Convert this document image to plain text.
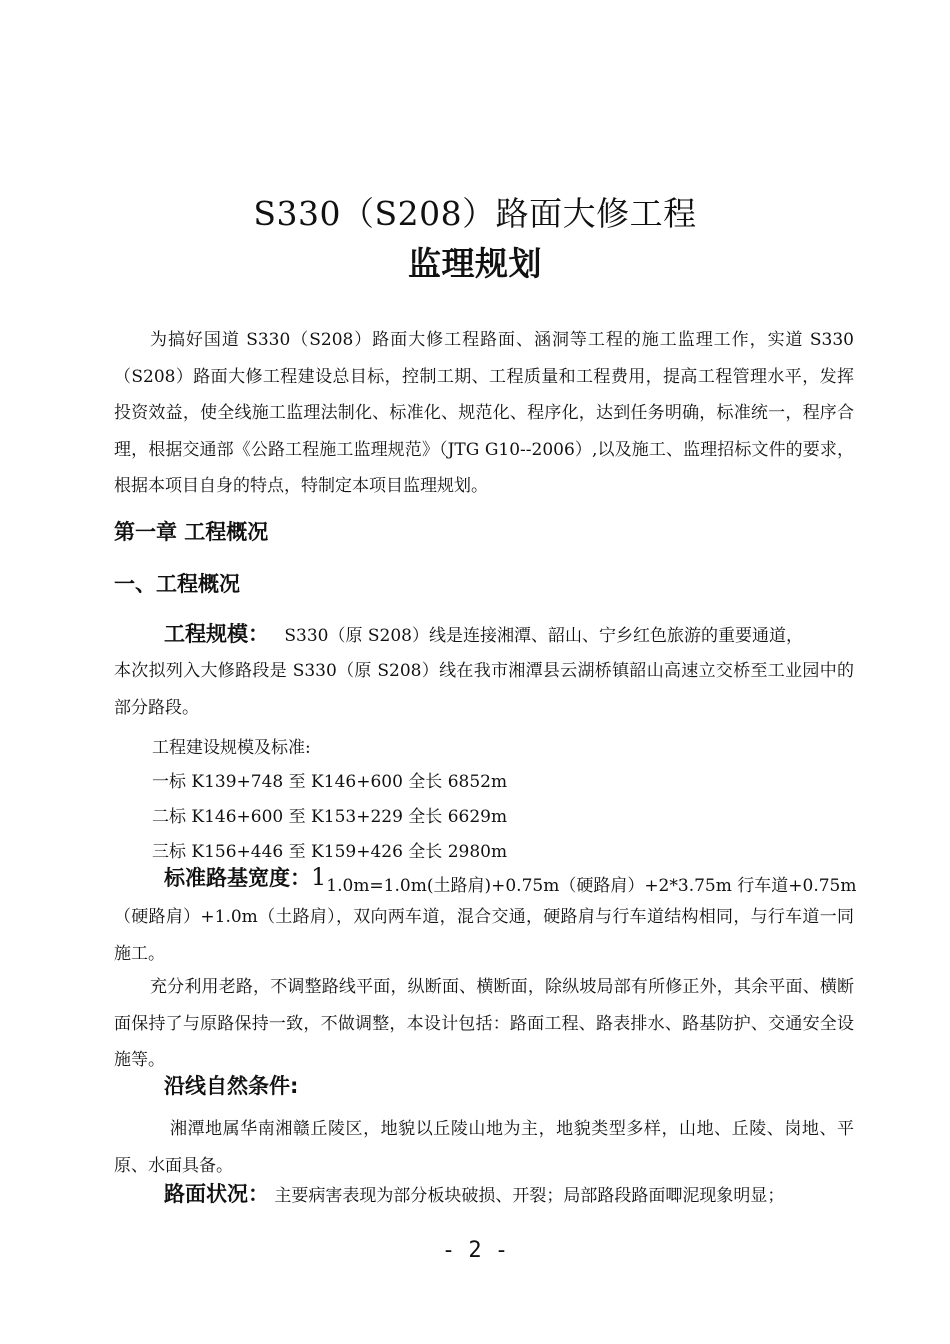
S330（S208）路面大修工程
监理规划

为搞好国道 S330（S208）路面大修工程路面、涵洞等工程的施工监理工作，实道 S330（S208）路面大修工程建设总目标，控制工期、工程质量和工程费用，提高工程管理水平，发挥投资效益，使全线施工监理法制化、标准化、规范化、程序化，达到任务明确，标准统一，程序合理，根据交通部《公路工程施工监理规范》（JTG G10--2006）,以及施工、监理招标文件的要求，根据本项目自身的特点，特制定本项目监理规划。

第一章 工程概况
一、工程概况
工程规模： S330（原 S208）线是连接湘潭、韶山、宁乡红色旅游的重要通道，

本次拟列入大修路段是 S330（原 S208）线在我市湘潭县云湖桥镇韶山高速立交桥至工业园中的部分路段。

工程建设规模及标准:
一标 K139+748 至 K146+600 全长 6852m
二标 K146+600 至 K153+229 全长 6629m
三标 K156+446 至 K159+426 全长 2980m
标准路基宽度：11.0m=1.0m(土路肩)+0.75m（硬路肩）+2*3.75m 行车道+0.75m

（硬路肩）+1.0m（土路肩），双向两车道，混合交通，硬路肩与行车道结构相同，与行车道一同施工。

充分利用老路，不调整路线平面，纵断面、横断面，除纵坡局部有所修正外，其余平面、横断面保持了与原路保持一致，不做调整，本设计包括：路面工程、路表排水、路基防护、交通安全设施等。

沿线自然条件:

湘潭地属华南湘赣丘陵区，地貌以丘陵山地为主，地貌类型多样，山地、丘陵、岗地、平原、水面具备。

路面状况： 主要病害表现为部分板块破损、开裂；局部路段路面唧泥现象明显；
- 2 -
